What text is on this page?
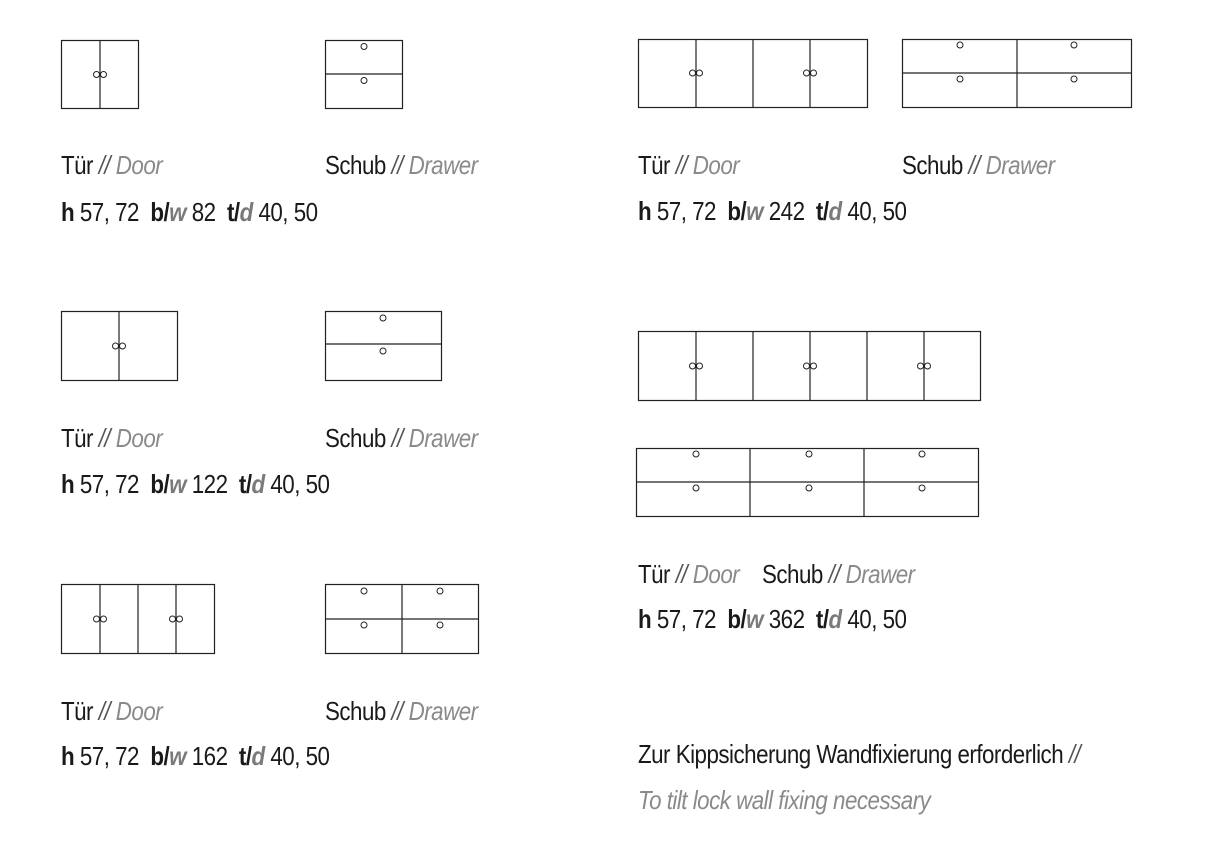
Tür // Door	Schub // Drawer
h 57, 72 b/w 82 t/d 40, 50
Tür // Door	Schub // Drawer
h 57, 72 b/w 122 t/d 40, 50
Tür // Door	Schub // Drawer
h 57, 72 b/w 162 t/d 40, 50
Tür // Door	Schub // Drawer
h 57, 72 b/w 242 t/d 40, 50
Tür // Door Schub // Drawer
h 57, 72 b/w 362 t/d 40, 50
Zur Kippsicherung Wandfixierung erforderlich //
To tilt lock wall fixing necessary
